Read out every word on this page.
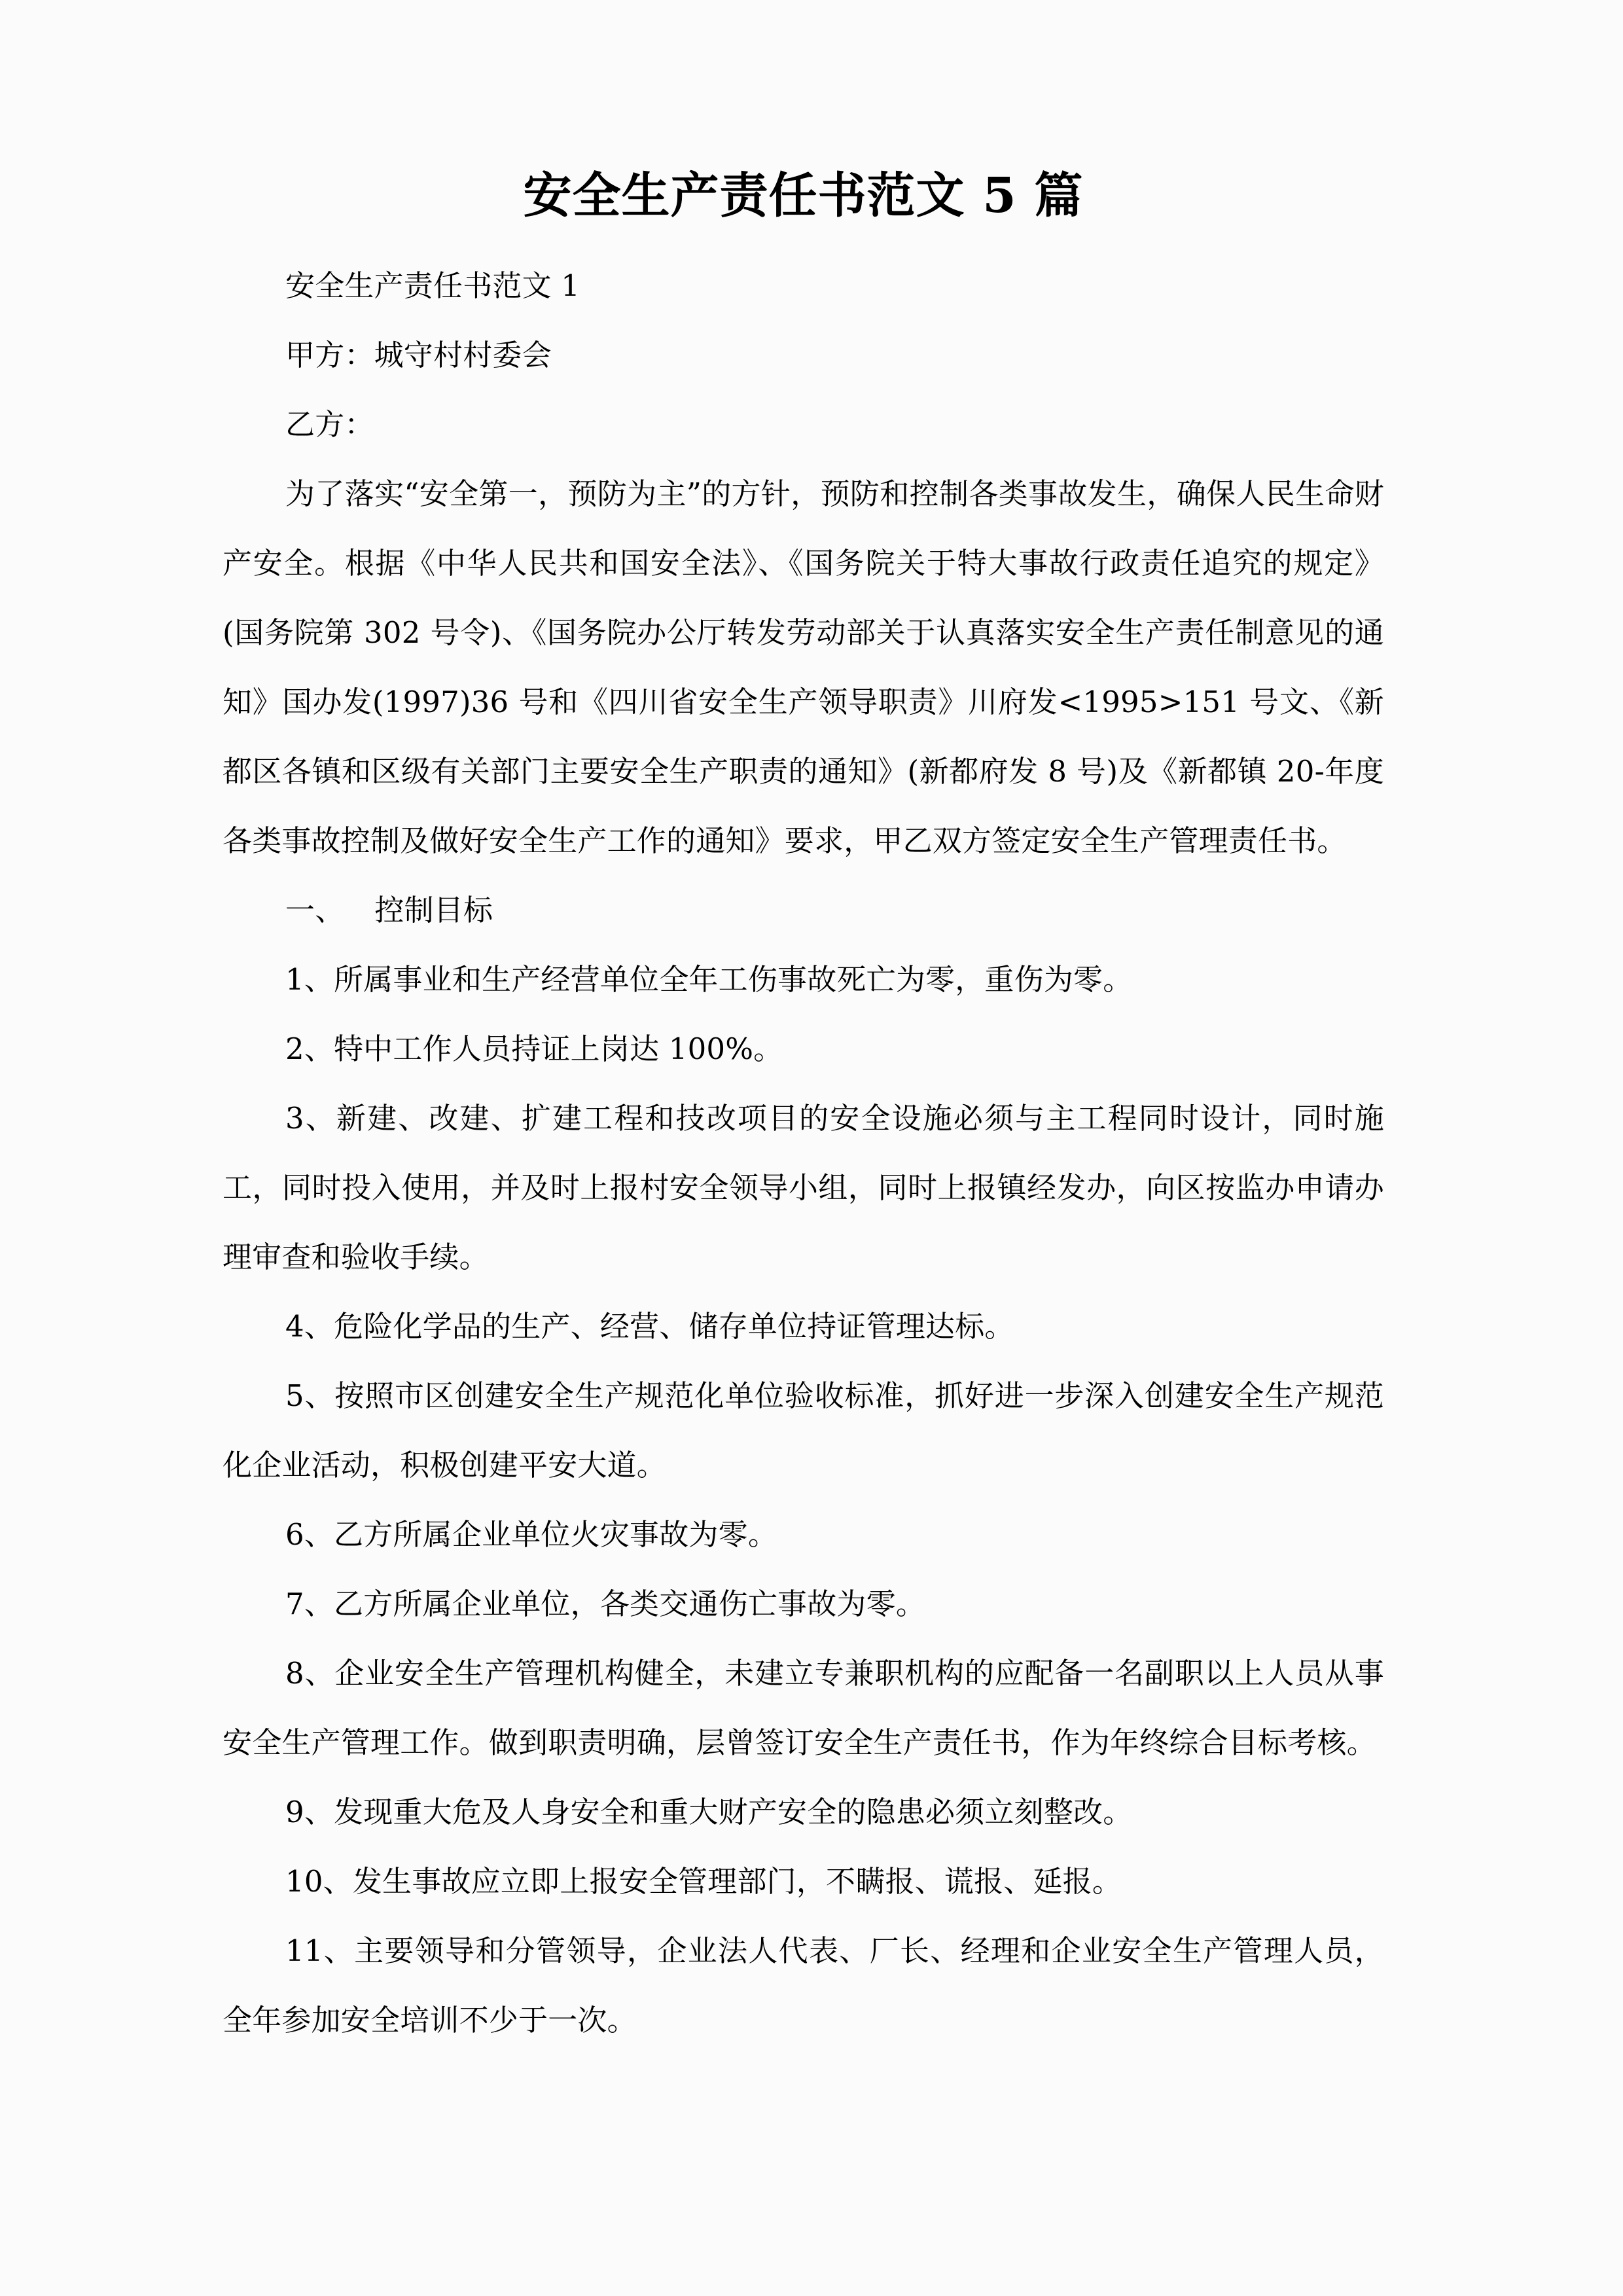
安全生产责任书范文 5 篇

安全生产责任书范文 1

甲方：城守村村委会

乙方：

为了落实“安全第一，预防为主”的方针，预防和控制各类事故发生，确保人民生命财产安全。根据《中华人民共和国安全法》、《国务院关于特大事故行政责任追究的规定》(国务院第 302 号令)、《国务院办公厅转发劳动部关于认真落实安全生产责任制意见的通知》国办发(1997)36 号和《四川省安全生产领导职责》川府发<1995>151 号文、《新都区各镇和区级有关部门主要安全生产职责的通知》(新都府发 8 号)及《新都镇 20-年度各类事故控制及做好安全生产工作的通知》要求，甲乙双方签定安全生产管理责任书。

一、 控制目标

1、所属事业和生产经营单位全年工伤事故死亡为零，重伤为零。

2、特中工作人员持证上岗达 100%。

3、新建、改建、扩建工程和技改项目的安全设施必须与主工程同时设计，同时施工，同时投入使用，并及时上报村安全领导小组，同时上报镇经发办，向区按监办申请办理审查和验收手续。

4、危险化学品的生产、经营、储存单位持证管理达标。

5、按照市区创建安全生产规范化单位验收标准，抓好进一步深入创建安全生产规范化企业活动，积极创建平安大道。

6、乙方所属企业单位火灾事故为零。

7、乙方所属企业单位，各类交通伤亡事故为零。

8、企业安全生产管理机构健全，未建立专兼职机构的应配备一名副职以上人员从事安全生产管理工作。做到职责明确，层曾签订安全生产责任书，作为年终综合目标考核。

9、发现重大危及人身安全和重大财产安全的隐患必须立刻整改。

10、发生事故应立即上报安全管理部门，不瞒报、谎报、延报。

11、主要领导和分管领导，企业法人代表、厂长、经理和企业安全生产管理人员，全年参加安全培训不少于一次。
